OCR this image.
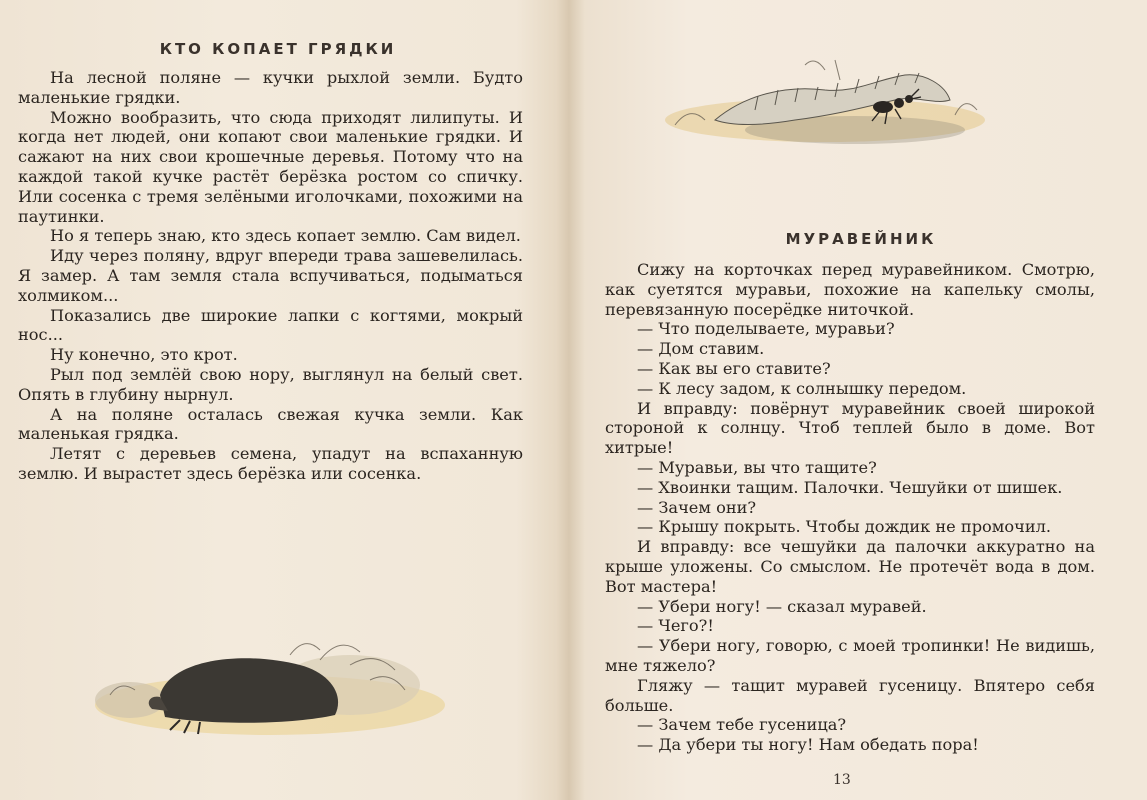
КТО КОПАЕТ ГРЯДКИ

На лесной поляне — кучки рыхлой земли. Будто маленькие грядки.

Можно вообразить, что сюда приходят лилипуты. И когда нет людей, они копают свои маленькие грядки. И сажают на них свои крошечные деревья. Потому что на каждой такой кучке растёт берёзка ростом со спичку. Или сосенка с тремя зелёными иголочками, похожими на паутинки.

Но я теперь знаю, кто здесь копает землю. Сам видел.

Иду через поляну, вдруг впереди трава зашевелилась. Я замер. А там земля стала вспучиваться, подыматься холмиком...

Показались две широкие лапки с когтями, мокрый нос...

Ну конечно, это крот.

Рыл под землёй свою нору, выглянул на белый свет. Опять в глубину нырнул.

А на поляне осталась свежая кучка земли. Как маленькая грядка.

Летят с деревьев семена, упадут на вспаханную землю. И вырастет здесь берёзка или сосенка.

МУРАВЕЙНИК

Сижу на корточках перед муравейником. Смотрю, как суетятся муравьи, похожие на капельку смолы, перевязанную посерёдке ниточкой.

— Что поделываете, муравьи?

— Дом ставим.

— Как вы его ставите?

— К лесу задом, к солнышку передом.

И вправду: повёрнут муравейник своей широкой стороной к солнцу. Чтоб теплей было в доме. Вот хитрые!

— Муравьи, вы что тащите?

— Хвоинки тащим. Палочки. Чешуйки от шишек.

— Зачем они?

— Крышу покрыть. Чтобы дождик не промочил.

И вправду: все чешуйки да палочки аккуратно на крыше уложены. Со смыслом. Не протечёт вода в дом. Вот мастера!

— Убери ногу! — сказал муравей.

— Чего?!

— Убери ногу, говорю, с моей тропинки! Не видишь, мне тяжело?

Гляжу — тащит муравей гусеницу. Впятеро себя больше.

— Зачем тебе гусеница?

— Да убери ты ногу! Нам обедать пора!

13
